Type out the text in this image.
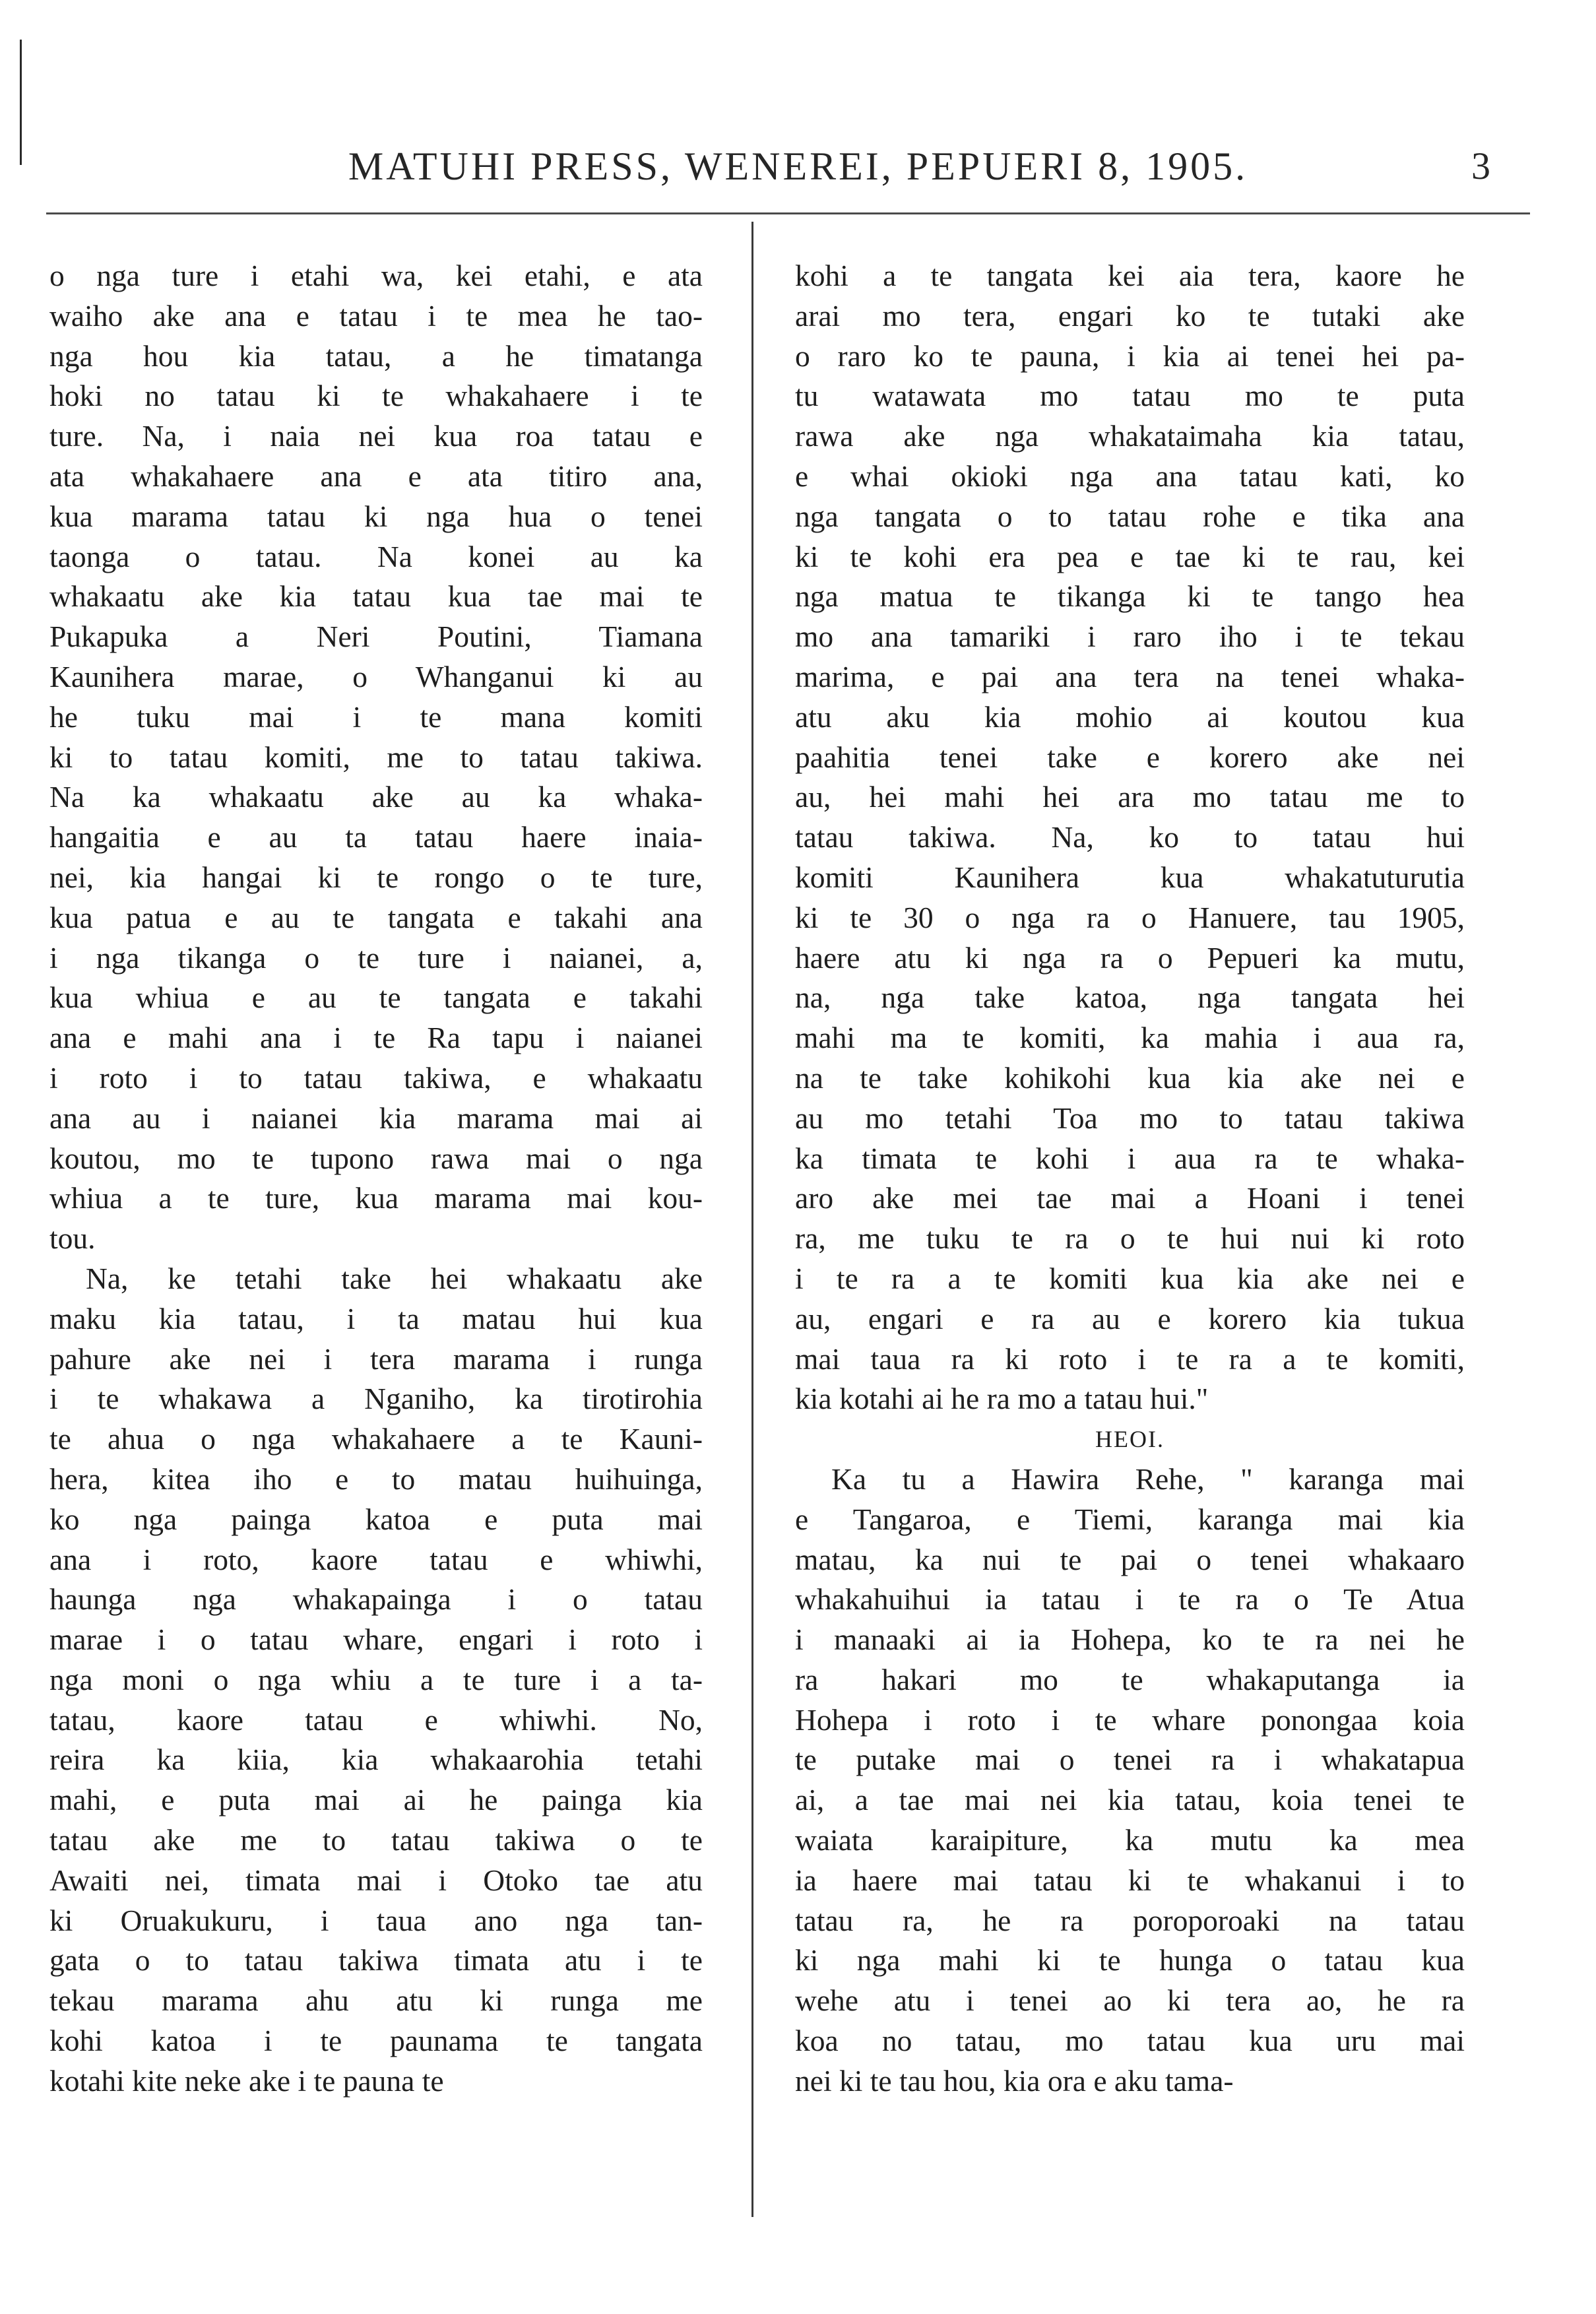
MATUHI PRESS, WENEREI, PEPUERI 8, 1905.	3
o nga ture i etahi wa, kei etahi, e ata
waiho ake ana e tatau i te mea he tao-
nga hou kia tatau, a he timatanga
hoki no tatau ki te whakahaere i te
ture. Na, i naia nei kua roa tatau e
ata whakahaere ana e ata titiro ana,
kua marama tatau ki nga hua o tenei
taonga o tatau. Na konei au ka
whakaatu ake kia tatau kua tae mai te
Pukapuka a Neri Poutini, Tiamana
Kaunihera marae, o Whanganui ki au
he tuku mai i te mana komiti
ki to tatau komiti, me to tatau takiwa.
Na ka whakaatu ake au ka whaka-
hangaitia e au ta tatau haere inaia-
nei, kia hangai ki te rongo o te ture,
kua patua e au te tangata e takahi ana
i nga tikanga o te ture i naianei, a,
kua whiua e au te tangata e takahi
ana e mahi ana i te Ra tapu i naianei
i roto i to tatau takiwa, e whakaatu
ana au i naianei kia marama mai ai
koutou, mo te tupono rawa mai o nga
whiua a te ture, kua marama mai kou-
tou.
Na, ke tetahi take hei whakaatu ake
maku kia tatau, i ta matau hui kua
pahure ake nei i tera marama i runga
i te whakawa a Nganiho, ka tirotirohia
te ahua o nga whakahaere a te Kauni-
hera, kitea iho e to matau huihuinga,
ko nga painga katoa e puta mai
ana i roto, kaore tatau e whiwhi,
haunga nga whakapainga i o tatau
marae i o tatau whare, engari i roto i
nga moni o nga whiu a te ture i a ta-
tatau, kaore tatau e whiwhi. No,
reira ka kiia, kia whakaarohia tetahi
mahi, e puta mai ai he painga kia
tatau ake me to tatau takiwa o te
Awaiti nei, timata mai i Otoko tae atu
ki Oruakukuru, i taua ano nga tan-
gata o to tatau takiwa timata atu i te
tekau marama ahu atu ki runga me
kohi katoa i te paunama te tangata
kotahi kite neke ake i te pauna te
kohi a te tangata kei aia tera, kaore he
arai mo tera, engari ko te tutaki ake
o raro ko te pauna, i kia ai tenei hei pa-
tu watawata mo tatau mo te puta
rawa ake nga whakataimaha kia tatau,
e whai okioki nga ana tatau kati, ko
nga tangata o to tatau rohe e tika ana
ki te kohi era pea e tae ki te rau, kei
nga matua te tikanga ki te tango hea
mo ana tamariki i raro iho i te tekau
marima, e pai ana tera na tenei whaka-
atu aku kia mohio ai koutou kua
paahitia tenei take e korero ake nei
au, hei mahi hei ara mo tatau me to
tatau takiwa. Na, ko to tatau hui
komiti Kaunihera kua whakatuturutia
ki te 30 o nga ra o Hanuere, tau 1905,
haere atu ki nga ra o Pepueri ka mutu,
na, nga take katoa, nga tangata hei
mahi ma te komiti, ka mahia i aua ra,
na te take kohikohi kua kia ake nei e
au mo tetahi Toa mo to tatau takiwa
ka timata te kohi i aua ra te whaka-
aro ake mei tae mai a Hoani i tenei
ra, me tuku te ra o te hui nui ki roto
i te ra a te komiti kua kia ake nei e
au, engari e ra au e korero kia tukua
mai taua ra ki roto i te ra a te komiti,
kia kotahi ai he ra mo a tatau hui."
HEOI.
Ka tu a Hawira Rehe, " karanga mai
e Tangaroa, e Tiemi, karanga mai kia
matau, ka nui te pai o tenei whakaaro
whakahuihui ia tatau i te ra o Te Atua
i manaaki ai ia Hohepa, ko te ra nei he
ra hakari mo te whakaputanga ia
Hohepa i roto i te whare ponongaa koia
te putake mai o tenei ra i whakatapua
ai, a tae mai nei kia tatau, koia tenei te
waiata karaipiture, ka mutu ka mea
ia haere mai tatau ki te whakanui i to
tatau ra, he ra poroporoaki na tatau
ki nga mahi ki te hunga o tatau kua
wehe atu i tenei ao ki tera ao, he ra
koa no tatau, mo tatau kua uru mai
nei ki te tau hou, kia ora e aku tama-
